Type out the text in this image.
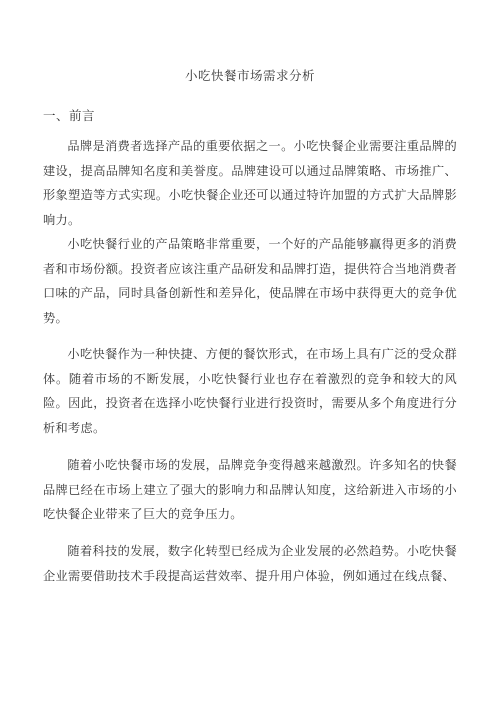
小吃快餐市场需求分析
一、前言

品牌是消费者选择产品的重要依据之一。小吃快餐企业需要注重品牌的建设，提高品牌知名度和美誉度。品牌建设可以通过品牌策略、市场推广、形象塑造等方式实现。小吃快餐企业还可以通过特许加盟的方式扩大品牌影响力。

小吃快餐行业的产品策略非常重要，一个好的产品能够赢得更多的消费者和市场份额。投资者应该注重产品研发和品牌打造，提供符合当地消费者口味的产品，同时具备创新性和差异化，使品牌在市场中获得更大的竞争优势。

小吃快餐作为一种快捷、方便的餐饮形式，在市场上具有广泛的受众群体。随着市场的不断发展，小吃快餐行业也存在着激烈的竞争和较大的风险。因此，投资者在选择小吃快餐行业进行投资时，需要从多个角度进行分析和考虑。

随着小吃快餐市场的发展，品牌竞争变得越来越激烈。许多知名的快餐品牌已经在市场上建立了强大的影响力和品牌认知度，这给新进入市场的小吃快餐企业带来了巨大的竞争压力。

随着科技的发展，数字化转型已经成为企业发展的必然趋势。小吃快餐企业需要借助技术手段提高运营效率、提升用户体验，例如通过在线点餐、
